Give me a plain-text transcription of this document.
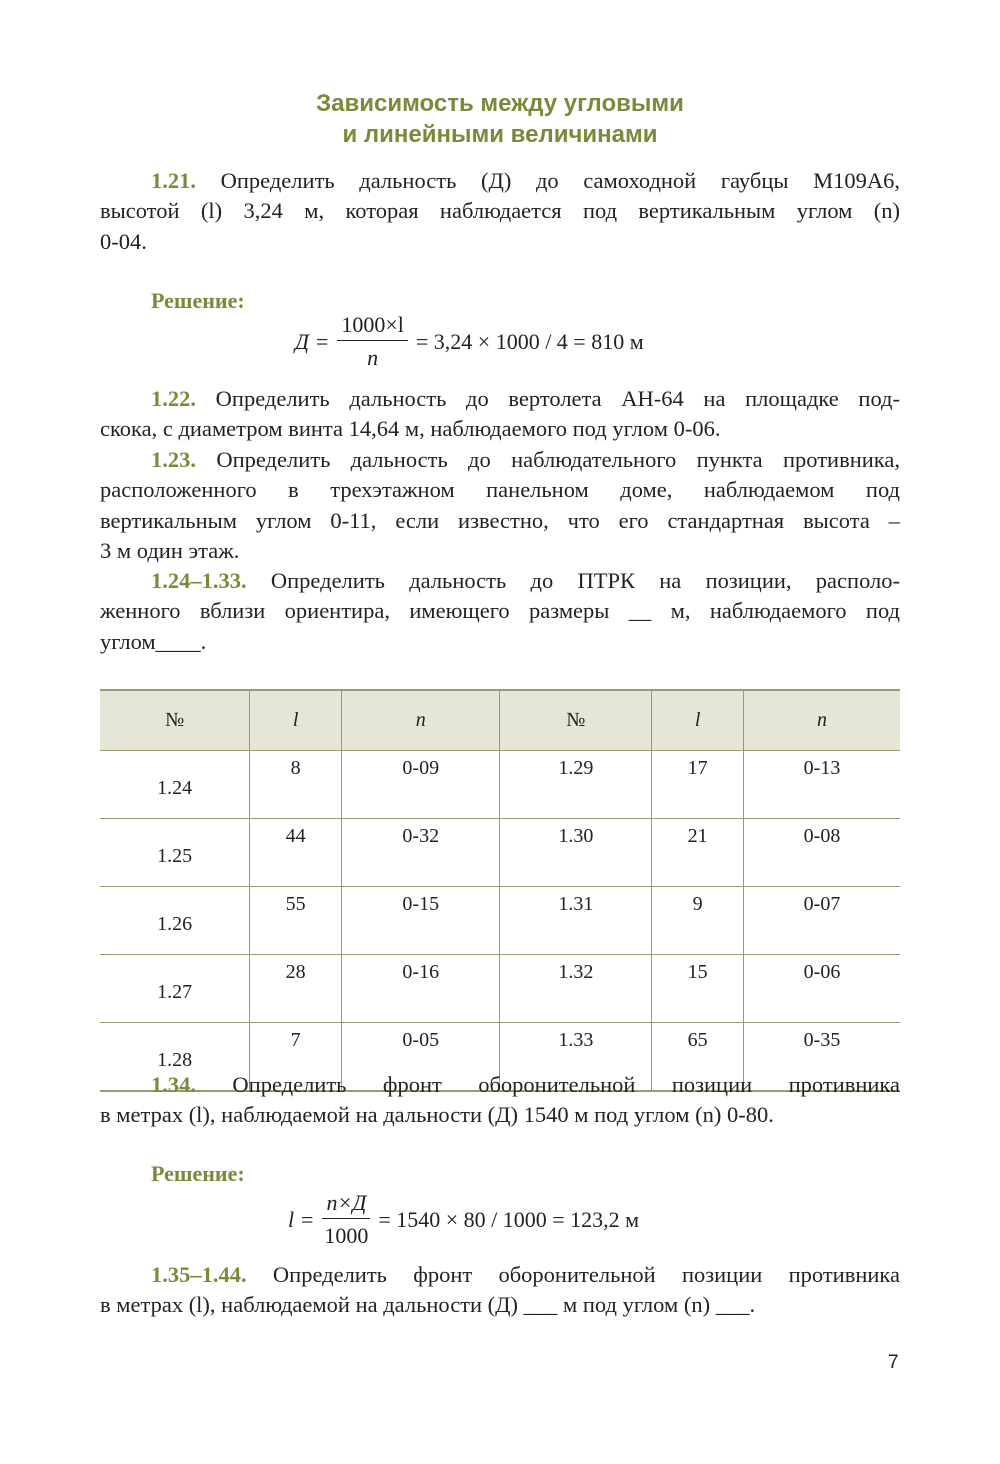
Зависимость между угловыми
и линейными величинами
1.21. Определить дальность (Д) до самоходной гаубцы М109А6,
высотой (l) 3,24 м, которая наблюдается под вертикальным углом (n)
0-04.
Решение:
$Д = \frac{1000\times l}{n} = 3,24 \times 1000 / 4 = 810$ м
1.22. Определить дальность до вертолета АН-64 на площадке под-
скока, с диаметром винта 14,64 м, наблюдаемого под углом 0-06.
1.23. Определить дальность до наблюдательного пункта противника,
расположенного в трехэтажном панельном доме, наблюдаемом под
вертикальным углом 0-11, если известно, что его стандартная высота –
3 м один этаж.
1.24–1.33. Определить дальность до ПТРК на позиции, располо-
женного вблизи ориентира, имеющего размеры __ м, наблюдаемого под
углом____.
№	l	n	№	l	n
1.24	8	0-09	1.29	17	0-13
1.25	44	0-32	1.30	21	0-08
1.26	55	0-15	1.31	9	0-07
1.27	28	0-16	1.32	15	0-06
1.28	7	0-05	1.33	65	0-35
1.34. Определить фронт оборонительной позиции противника
в метрах (l), наблюдаемой на дальности (Д) 1540 м под углом (n) 0-80.
Решение:
$l = \frac{n\times Д}{1000} = 1540 \times 80 / 1000 = 123,2$ м
1.35–1.44. Определить фронт оборонительной позиции противника
в метрах (l), наблюдаемой на дальности (Д) ___ м под углом (n) ___.
7
